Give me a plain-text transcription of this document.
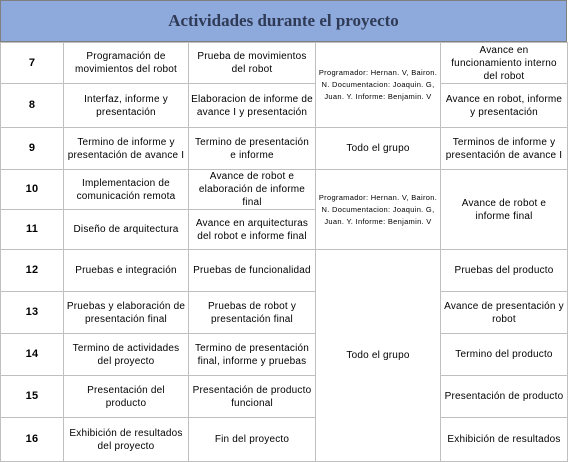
Actividades durante el proyecto
7	Programación de movimientos del robot	Prueba de movimientos del robot	Programador: Hernan. V, Bairon. N. Documentacion: Joaquin. G, Juan. Y. Informe: Benjamin. V	Avance en funcionamiento interno del robot
8	Interfaz, informe y presentación	Elaboracion de informe de avance I y presentación		Avance en robot, informe y presentación
9	Termino de informe y presentación de avance I	Termino de presentación e informe	Todo el grupo	Terminos de informe y presentación de avance I
10	Implementacion de comunicación remota	Avance de robot e elaboración de informe final	Programador: Hernan. V, Bairon. N. Documentacion: Joaquin. G, Juan. Y. Informe: Benjamin. V	Avance de robot e informe final
11	Diseño de arquitectura	Avance en arquitecturas del robot e informe final		
12	Pruebas e integración	Pruebas de funcionalidad	Todo el grupo	Pruebas del producto
13	Pruebas y elaboración de presentación final	Pruebas de robot y presentación final		Avance de presentación y robot
14	Termino de actividades del proyecto	Termino de presentación final, informe y pruebas		Termino del producto
15	Presentación del producto	Presentación de producto funcional		Presentación de producto
16	Exhibición de resultados del proyecto	Fin del proyecto		Exhibición de resultados
